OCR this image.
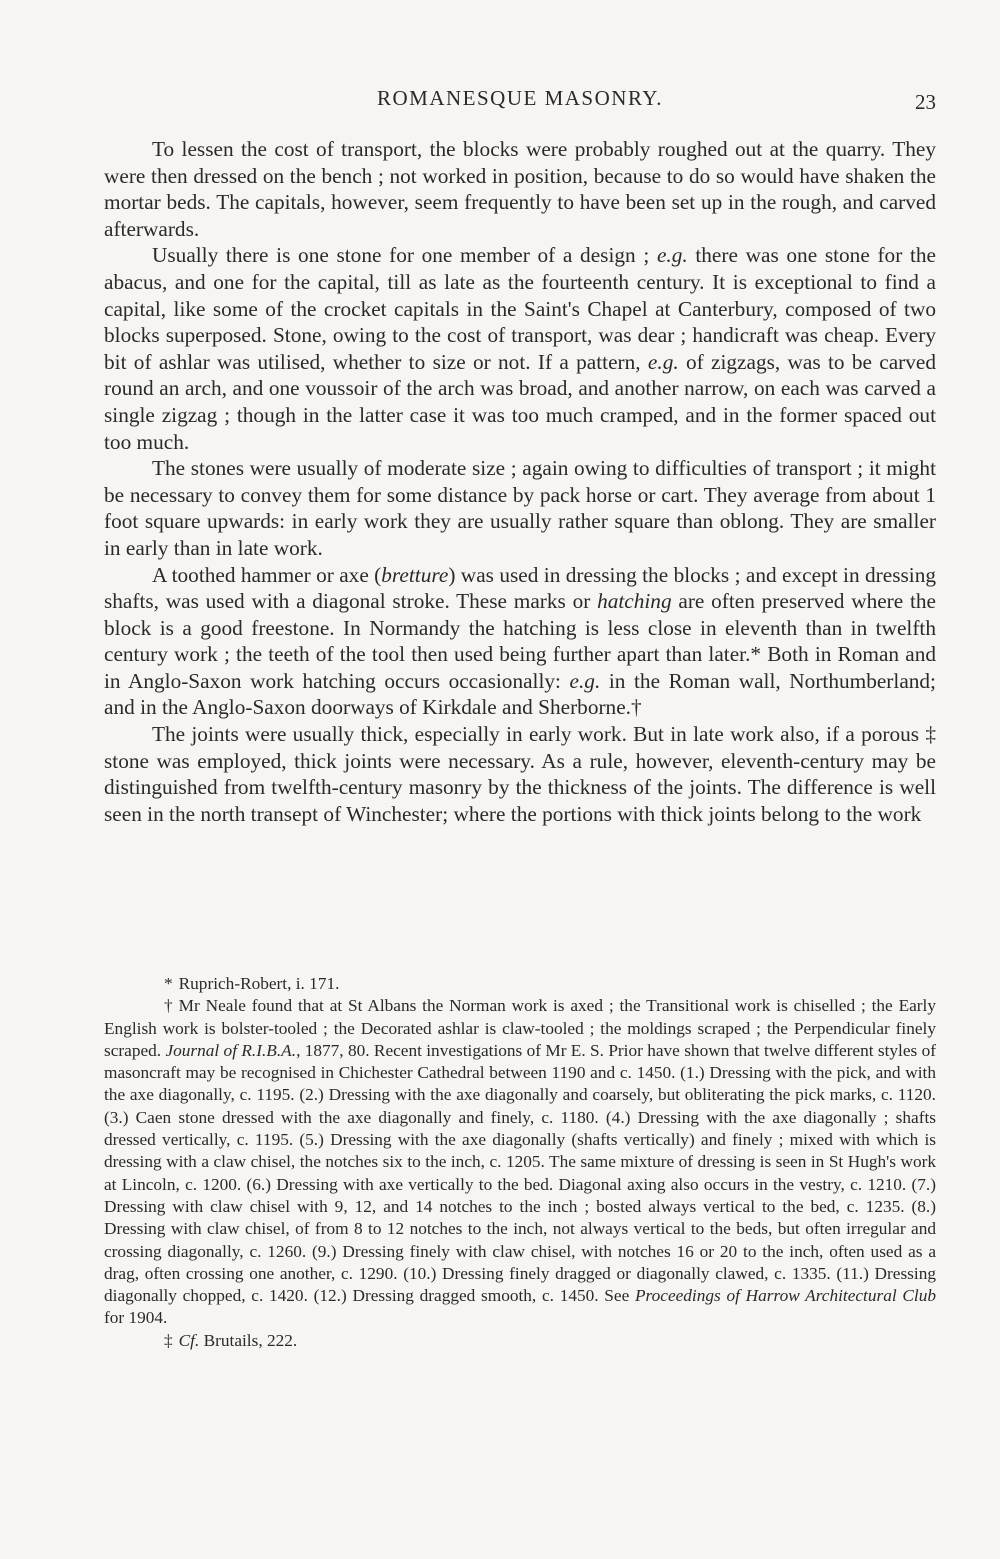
ROMANESQUE MASONRY.	23

To lessen the cost of transport, the blocks were probably roughed out at the quarry. They were then dressed on the bench ; not worked in position, because to do so would have shaken the mortar beds. The capitals, however, seem frequently to have been set up in the rough, and carved afterwards.

Usually there is one stone for one member of a design ; e.g. there was one stone for the abacus, and one for the capital, till as late as the fourteenth century. It is exceptional to find a capital, like some of the crocket capitals in the Saint's Chapel at Canterbury, composed of two blocks superposed. Stone, owing to the cost of transport, was dear ; handicraft was cheap. Every bit of ashlar was utilised, whether to size or not. If a pattern, e.g. of zigzags, was to be carved round an arch, and one voussoir of the arch was broad, and another narrow, on each was carved a single zigzag ; though in the latter case it was too much cramped, and in the former spaced out too much.

The stones were usually of moderate size ; again owing to difficulties of transport ; it might be necessary to convey them for some distance by pack horse or cart. They average from about 1 foot square upwards: in early work they are usually rather square than oblong. They are smaller in early than in late work.

A toothed hammer or axe (bretture) was used in dressing the blocks ; and except in dressing shafts, was used with a diagonal stroke. These marks or hatching are often preserved where the block is a good freestone. In Normandy the hatching is less close in eleventh than in twelfth century work ; the teeth of the tool then used being further apart than later.* Both in Roman and in Anglo-Saxon work hatching occurs occasionally: e.g. in the Roman wall, Northumberland; and in the Anglo-Saxon doorways of Kirkdale and Sherborne.†

The joints were usually thick, especially in early work. But in late work also, if a porous ‡ stone was employed, thick joints were necessary. As a rule, however, eleventh-century may be distinguished from twelfth-century masonry by the thickness of the joints. The difference is well seen in the north transept of Winchester; where the portions with thick joints belong to the work

* Ruprich-Robert, i. 171.

† Mr Neale found that at St Albans the Norman work is axed ; the Transitional work is chiselled ; the Early English work is bolster-tooled ; the Decorated ashlar is claw-tooled ; the moldings scraped ; the Perpendicular finely scraped. Journal of R.I.B.A., 1877, 80. Recent investigations of Mr E. S. Prior have shown that twelve different styles of masoncraft may be recognised in Chichester Cathedral between 1190 and c. 1450. (1.) Dressing with the pick, and with the axe diagonally, c. 1195. (2.) Dressing with the axe diagonally and coarsely, but obliterating the pick marks, c. 1120. (3.) Caen stone dressed with the axe diagonally and finely, c. 1180. (4.) Dressing with the axe diagonally ; shafts dressed vertically, c. 1195. (5.) Dressing with the axe diagonally (shafts vertically) and finely ; mixed with which is dressing with a claw chisel, the notches six to the inch, c. 1205. The same mixture of dressing is seen in St Hugh's work at Lincoln, c. 1200. (6.) Dressing with axe vertically to the bed. Diagonal axing also occurs in the vestry, c. 1210. (7.) Dressing with claw chisel with 9, 12, and 14 notches to the inch ; bosted always vertical to the bed, c. 1235. (8.) Dressing with claw chisel, of from 8 to 12 notches to the inch, not always vertical to the beds, but often irregular and crossing diagonally, c. 1260. (9.) Dressing finely with claw chisel, with notches 16 or 20 to the inch, often used as a drag, often crossing one another, c. 1290. (10.) Dressing finely dragged or diagonally clawed, c. 1335. (11.) Dressing diagonally chopped, c. 1420. (12.) Dressing dragged smooth, c. 1450. See Proceedings of Harrow Architectural Club for 1904.

‡ Cf. Brutails, 222.
